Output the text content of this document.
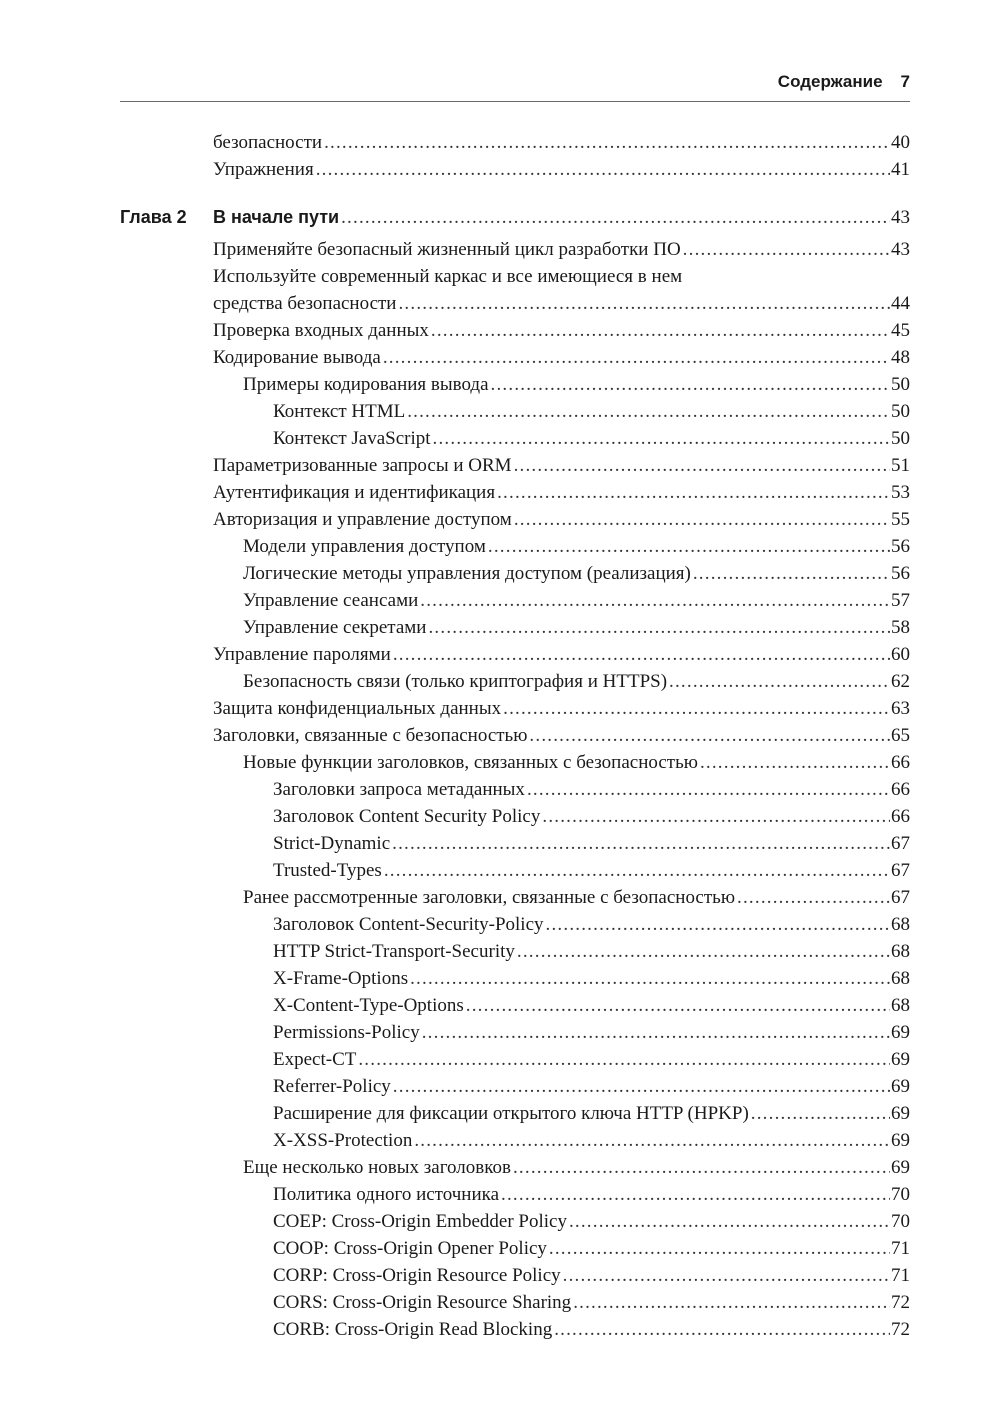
Содержание 7
безопасности .....	40
Упражнения .....	41
Глава 2 В начале пути .....	43
Применяйте безопасный жизненный цикл разработки ПО .....	43
Используйте современный каркас и все имеющиеся в нем
средства безопасности .....	44
Проверка входных данных .....	45
Кодирование вывода .....	48
Примеры кодирования вывода .....	50
Контекст HTML .....	50
Контекст JavaScript .....	50
Параметризованные запросы и ORM .....	51
Аутентификация и идентификация .....	53
Авторизация и управление доступом .....	55
Модели управления доступом .....	56
Логические методы управления доступом (реализация) .....	56
Управление сеансами .....	57
Управление секретами .....	58
Управление паролями .....	60
Безопасность связи (только криптография и HTTPS) .....	62
Защита конфиденциальных данных .....	63
Заголовки, связанные с безопасностью .....	65
Новые функции заголовков, связанных с безопасностью .....	66
Заголовки запроса метаданных .....	66
Заголовок Content Security Policy .....	66
Strict-Dynamic .....	67
Trusted-Types .....	67
Ранее рассмотренные заголовки, связанные с безопасностью .....	67
Заголовок Content-Security-Policy .....	68
HTTP Strict-Transport-Security .....	68
X-Frame-Options .....	68
X-Content-Type-Options .....	68
Permissions-Policy .....	69
Expect-CT .....	69
Referrer-Policy .....	69
Расширение для фиксации открытого ключа HTTP (HPKP) .....	69
X-XSS-Protection .....	69
Еще несколько новых заголовков .....	69
Политика одного источника .....	70
COEP: Cross-Origin Embedder Policy .....	70
COOP: Cross-Origin Opener Policy .....	71
CORP: Cross-Origin Resource Policy .....	71
CORS: Cross-Origin Resource Sharing .....	72
CORB: Cross-Origin Read Blocking .....	72
